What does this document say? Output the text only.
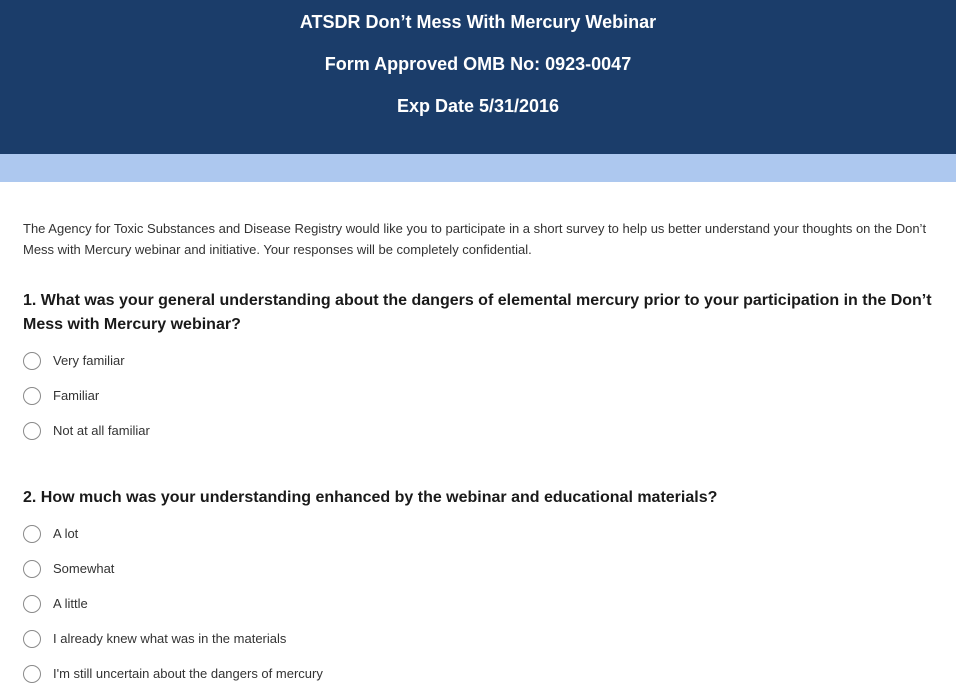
ATSDR Don’t Mess With Mercury Webinar
Form Approved OMB No: 0923-0047
Exp Date 5/31/2016

The Agency for Toxic Substances and Disease Registry would like you to participate in a short survey to help us better understand your thoughts on the Don’t Mess with Mercury webinar and initiative. Your responses will be completely confidential.

1. What was your general understanding about the dangers of elemental mercury prior to your participation in the Don’t Mess with Mercury webinar?
Very familiar
Familiar
Not at all familiar
2. How much was your understanding enhanced by the webinar and educational materials?
A lot
Somewhat
A little
I already knew what was in the materials
I'm still uncertain about the dangers of mercury
